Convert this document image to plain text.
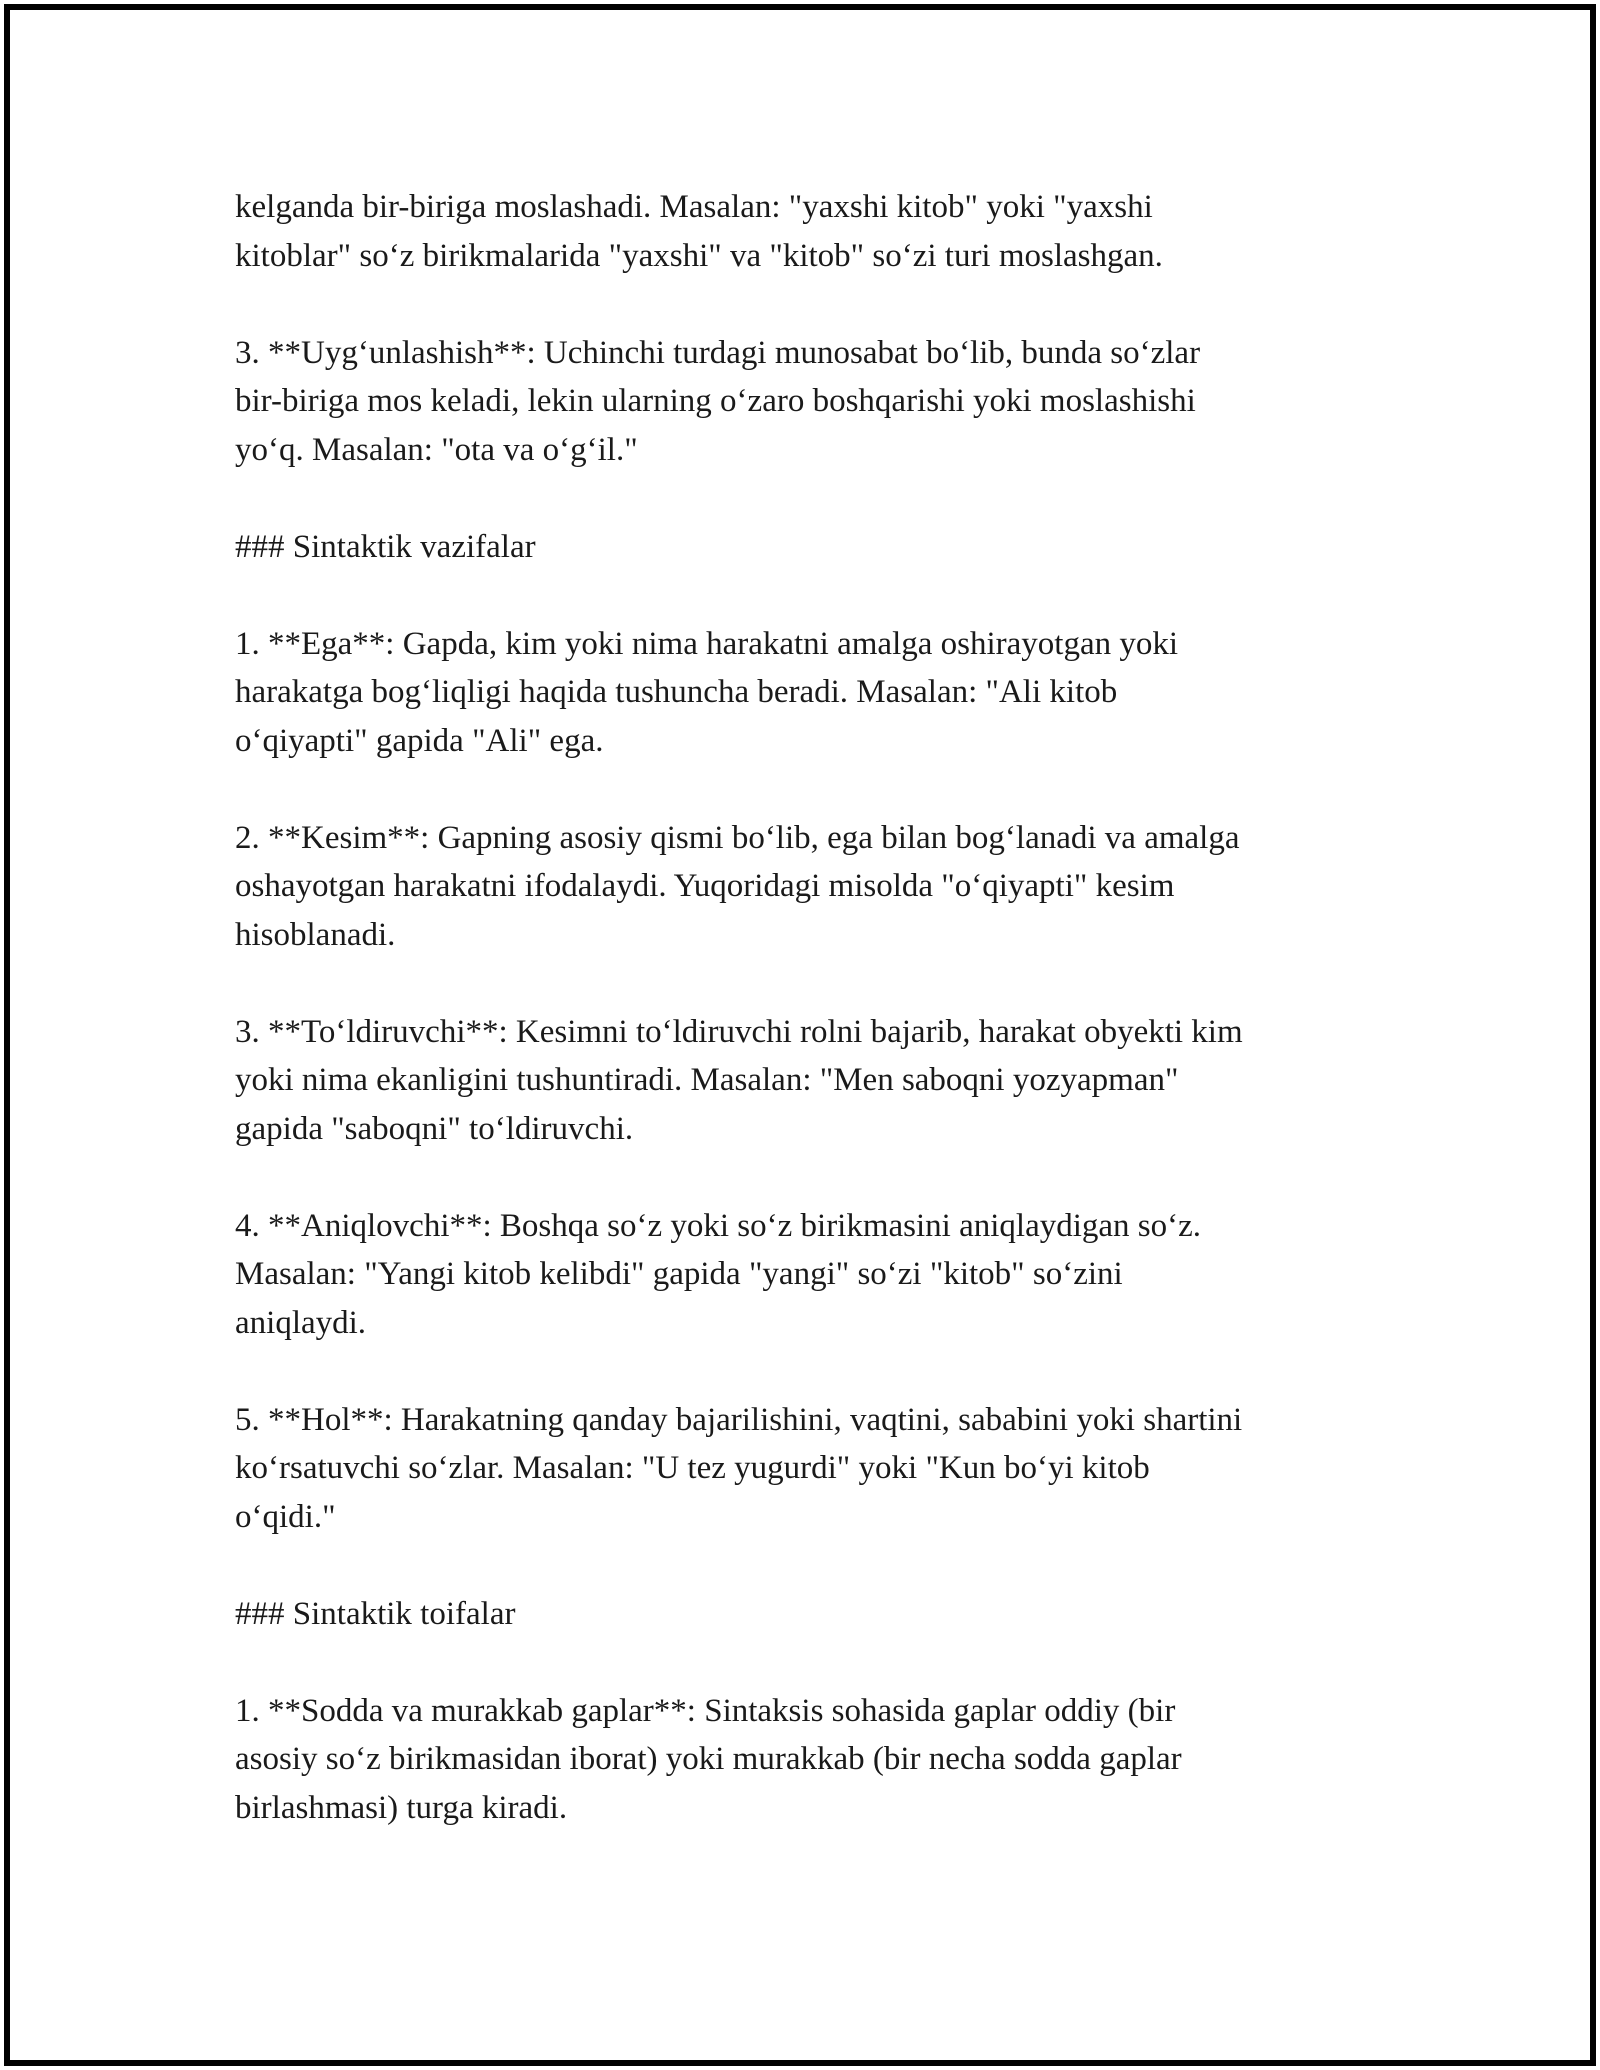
kelganda bir-biriga moslashadi. Masalan: "yaxshi kitob" yoki "yaxshi
kitoblar" so‘z birikmalarida "yaxshi" va "kitob" so‘zi turi moslashgan.

3. **Uyg‘unlashish**: Uchinchi turdagi munosabat bo‘lib, bunda so‘zlar
bir-biriga mos keladi, lekin ularning o‘zaro boshqarishi yoki moslashishi
yo‘q. Masalan: "ota va o‘g‘il."

### Sintaktik vazifalar

1. **Ega**: Gapda, kim yoki nima harakatni amalga oshirayotgan yoki
harakatga bog‘liqligi haqida tushuncha beradi. Masalan: "Ali kitob
o‘qiyapti" gapida "Ali" ega.

2. **Kesim**: Gapning asosiy qismi bo‘lib, ega bilan bog‘lanadi va amalga
oshayotgan harakatni ifodalaydi. Yuqoridagi misolda "o‘qiyapti" kesim
hisoblanadi.

3. **To‘ldiruvchi**: Kesimni to‘ldiruvchi rolni bajarib, harakat obyekti kim
yoki nima ekanligini tushuntiradi. Masalan: "Men saboqni yozyapman"
gapida "saboqni" to‘ldiruvchi.

4. **Aniqlovchi**: Boshqa so‘z yoki so‘z birikmasini aniqlaydigan so‘z.
Masalan: "Yangi kitob kelibdi" gapida "yangi" so‘zi "kitob" so‘zini
aniqlaydi.

5. **Hol**: Harakatning qanday bajarilishini, vaqtini, sababini yoki shartini
ko‘rsatuvchi so‘zlar. Masalan: "U tez yugurdi" yoki "Kun bo‘yi kitob
o‘qidi."

### Sintaktik toifalar

1. **Sodda va murakkab gaplar**: Sintaksis sohasida gaplar oddiy (bir
asosiy so‘z birikmasidan iborat) yoki murakkab (bir necha sodda gaplar
birlashmasi) turga kiradi.
